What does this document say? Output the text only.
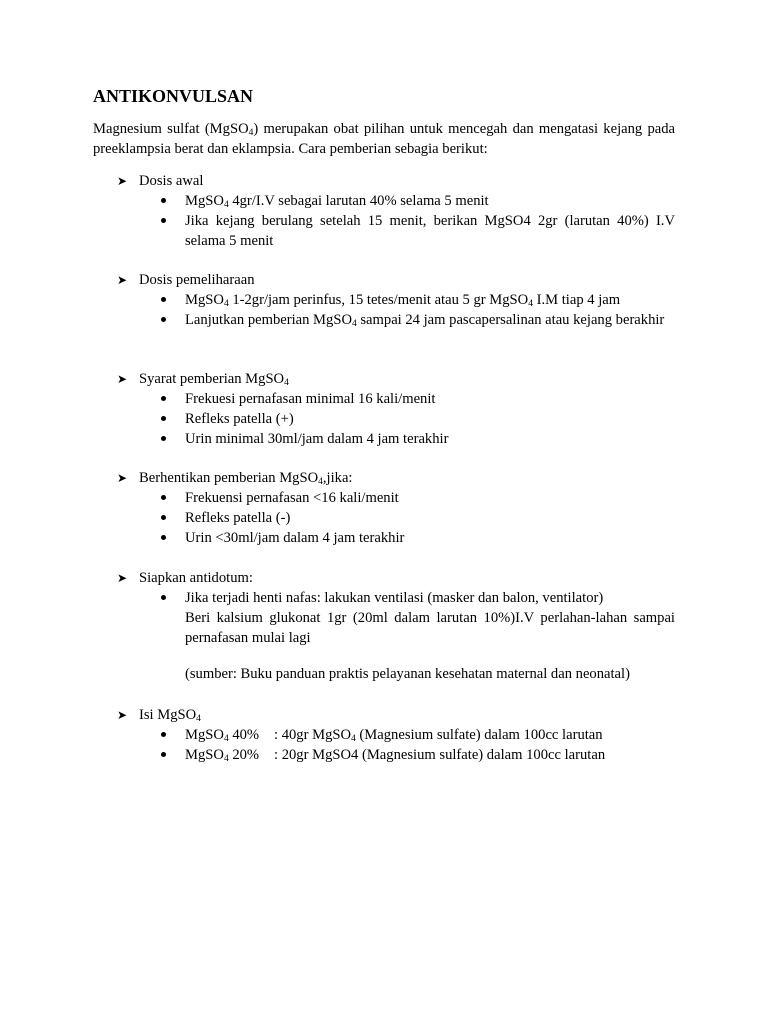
ANTIKONVULSAN

Magnesium sulfat (MgSO$_4$) merupakan obat pilihan untuk mencegah dan mengatasi kejang pada preeklampsia berat dan eklampsia. Cara pemberian sebagia berikut:

➤ Dosis awal
MgSO$_4$ 4gr/I.V sebagai larutan 40% selama 5 menit
Jika kejang berulang setelah 15 menit, berikan MgSO4 2gr (larutan 40%) I.V selama 5 menit
➤ Dosis pemeliharaan
MgSO$_4$ 1-2gr/jam perinfus, 15 tetes/menit atau 5 gr MgSO$_4$ I.M tiap 4 jam
Lanjutkan pemberian MgSO$_4$ sampai 24 jam pascapersalinan atau kejang berakhir
➤ Syarat pemberian MgSO$_4$
Frekuesi pernafasan minimal 16 kali/menit
Refleks patella (+)
Urin minimal 30ml/jam dalam 4 jam terakhir
➤ Berhentikan pemberian MgSO$_4$,jika:
Frekuensi pernafasan <16 kali/menit
Refleks patella (-)
Urin <30ml/jam dalam 4 jam terakhir
➤ Siapkan antidotum:
Jika terjadi henti nafas: lakukan ventilasi (masker dan balon, ventilator)
Beri kalsium glukonat 1gr (20ml dalam larutan 10%)I.V perlahan-lahan sampai pernafasan mulai lagi
(sumber: Buku panduan praktis pelayanan kesehatan maternal dan neonatal)
➤ Isi MgSO$_4$
MgSO$_4$ 40% : 40gr MgSO$_4$ (Magnesium sulfate) dalam 100cc larutan
MgSO$_4$ 20% : 20gr MgSO4 (Magnesium sulfate) dalam 100cc larutan
